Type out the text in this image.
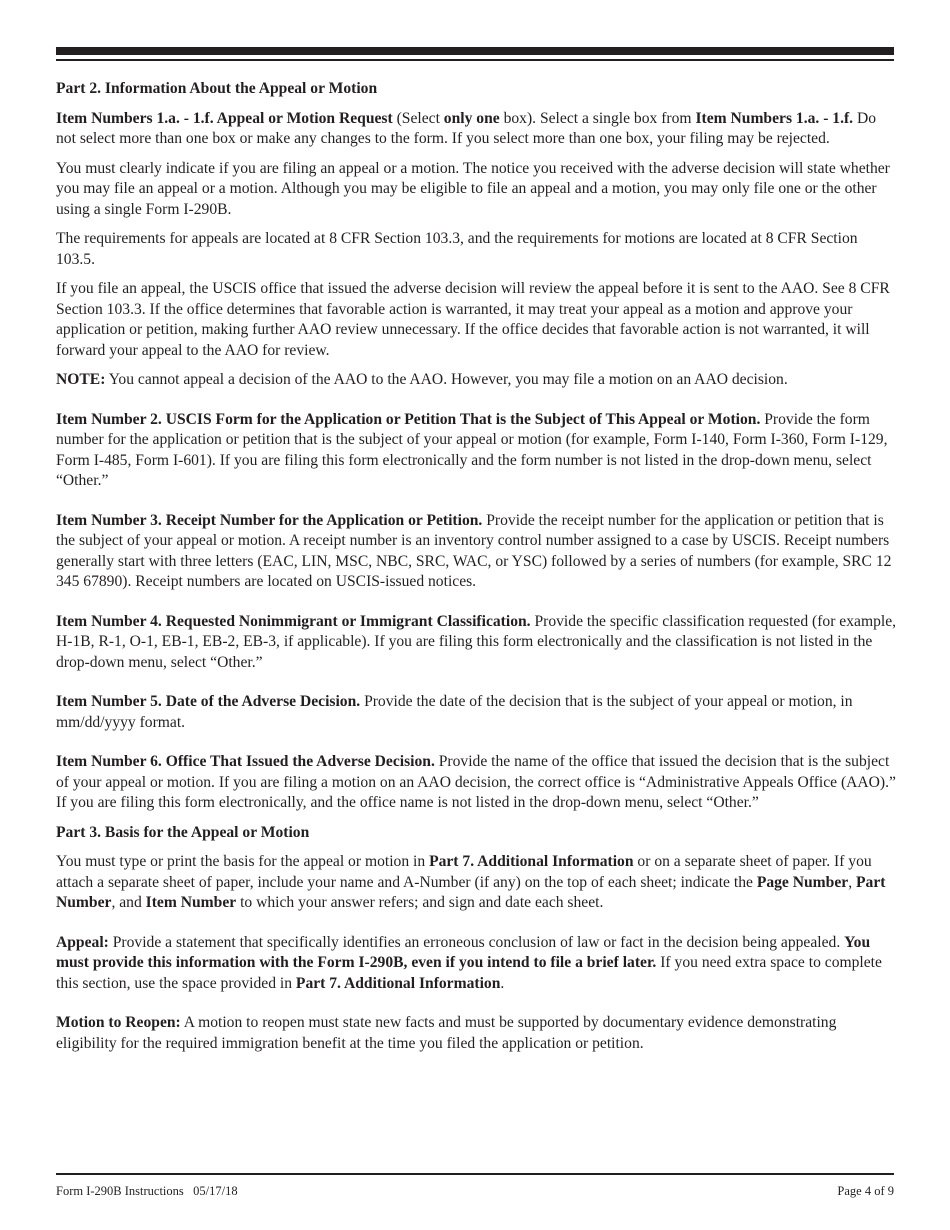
Part 2. Information About the Appeal or Motion

Item Numbers 1.a. - 1.f. Appeal or Motion Request (Select only one box). Select a single box from Item Numbers 1.a. - 1.f. Do not select more than one box or make any changes to the form. If you select more than one box, your filing may be rejected.

You must clearly indicate if you are filing an appeal or a motion. The notice you received with the adverse decision will state whether you may file an appeal or a motion. Although you may be eligible to file an appeal and a motion, you may only file one or the other using a single Form I-290B.

The requirements for appeals are located at 8 CFR Section 103.3, and the requirements for motions are located at 8 CFR Section 103.5.

If you file an appeal, the USCIS office that issued the adverse decision will review the appeal before it is sent to the AAO. See 8 CFR Section 103.3. If the office determines that favorable action is warranted, it may treat your appeal as a motion and approve your application or petition, making further AAO review unnecessary. If the office decides that favorable action is not warranted, it will forward your appeal to the AAO for review.

NOTE: You cannot appeal a decision of the AAO to the AAO. However, you may file a motion on an AAO decision.

Item Number 2. USCIS Form for the Application or Petition That is the Subject of This Appeal or Motion. Provide the form number for the application or petition that is the subject of your appeal or motion (for example, Form I-140, Form I-360, Form I-129, Form I-485, Form I-601). If you are filing this form electronically and the form number is not listed in the drop-down menu, select “Other.”

Item Number 3. Receipt Number for the Application or Petition. Provide the receipt number for the application or petition that is the subject of your appeal or motion. A receipt number is an inventory control number assigned to a case by USCIS. Receipt numbers generally start with three letters (EAC, LIN, MSC, NBC, SRC, WAC, or YSC) followed by a series of numbers (for example, SRC 12 345 67890). Receipt numbers are located on USCIS-issued notices.

Item Number 4. Requested Nonimmigrant or Immigrant Classification. Provide the specific classification requested (for example, H-1B, R-1, O-1, EB-1, EB-2, EB-3, if applicable). If you are filing this form electronically and the classification is not listed in the drop-down menu, select “Other.”

Item Number 5. Date of the Adverse Decision. Provide the date of the decision that is the subject of your appeal or motion, in mm/dd/yyyy format.

Item Number 6. Office That Issued the Adverse Decision. Provide the name of the office that issued the decision that is the subject of your appeal or motion. If you are filing a motion on an AAO decision, the correct office is “Administrative Appeals Office (AAO).” If you are filing this form electronically, and the office name is not listed in the drop-down menu, select “Other.”

Part 3. Basis for the Appeal or Motion

You must type or print the basis for the appeal or motion in Part 7. Additional Information or on a separate sheet of paper. If you attach a separate sheet of paper, include your name and A-Number (if any) on the top of each sheet; indicate the Page Number, Part Number, and Item Number to which your answer refers; and sign and date each sheet.

Appeal: Provide a statement that specifically identifies an erroneous conclusion of law or fact in the decision being appealed. You must provide this information with the Form I-290B, even if you intend to file a brief later. If you need extra space to complete this section, use the space provided in Part 7. Additional Information.

Motion to Reopen: A motion to reopen must state new facts and must be supported by documentary evidence demonstrating eligibility for the required immigration benefit at the time you filed the application or petition.

Form I-290B Instructions   05/17/18	Page 4 of 9
